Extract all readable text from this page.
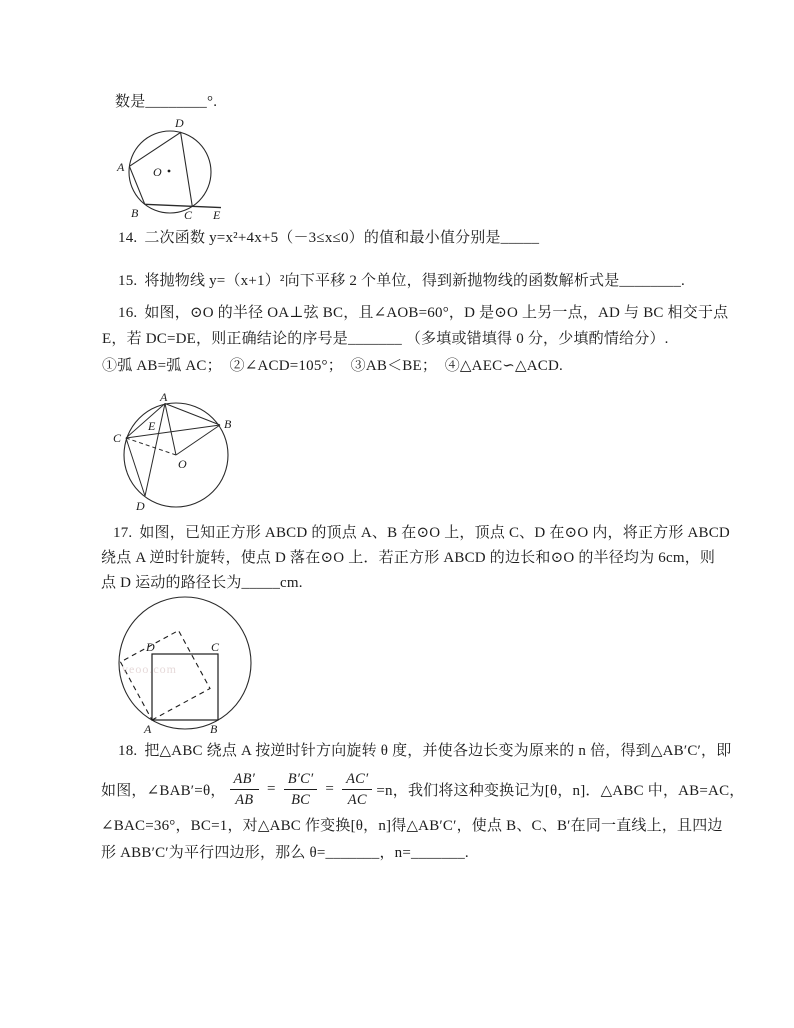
数是________°.
D
A
B	C E
O
14. 二次函数 y=x²+4x+5（－3≤x≤0）的值和最小值分别是_____
15. 将抛物线 y=（x+1）²向下平移 2 个单位，得到新抛物线的函数解析式是________.
16. 如图，⊙O 的半径 OA⊥弦 BC，且∠AOB=60°，D 是⊙O 上另一点，AD 与 BC 相交于点
E，若 DC=DE，则正确结论的序号是_______ （多填或错填得 0 分，少填酌情给分）.
①弧 AB=弧 AC；　②∠ACD=105°；　③AB＜BE；　④△AEC∽△ACD.
A
B
C
D
O
E
17. 如图，已知正方形 ABCD 的顶点 A、B 在⊙O 上，顶点 C、D 在⊙O 内，将正方形 ABCD
绕点 A 逆时针旋转，使点 D 落在⊙O 上．若正方形 ABCD 的边长和⊙O 的半径均为 6cm，则
点 D 运动的路径长为_____cm.
D	C
A	B
veoo.com
18. 把△ABC 绕点 A 按逆时针方向旋转 θ 度，并使各边长变为原来的 n 倍，得到△AB′C′，即
如图，∠BAB′=θ， $\frac{AB'}{AB} = \frac{B'C'}{BC} = \frac{AC'}{AC} =n$，我们将这种变换记为[θ，n]．△ABC 中，AB=AC，
∠BAC=36°，BC=1，对△ABC 作变换[θ，n]得△AB′C′，使点 B、C、B′在同一直线上，且四边
形 ABB′C′为平行四边形，那么 θ=_______，n=_______.
